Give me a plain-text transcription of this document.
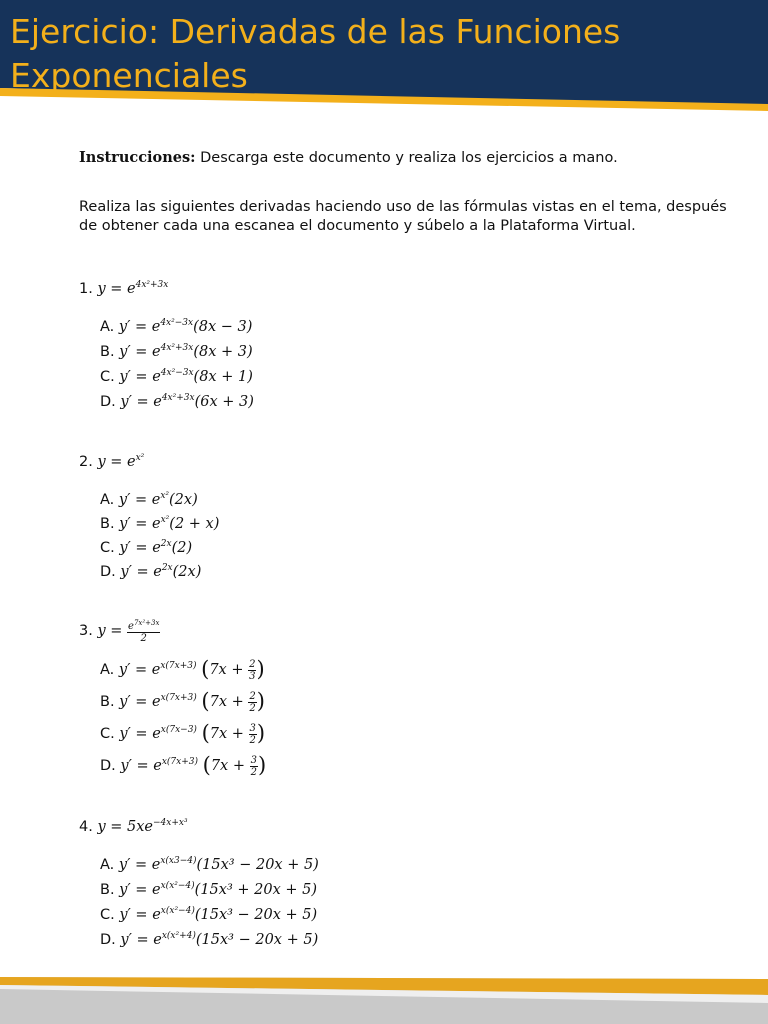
Ejercicio: Derivadas de las Funciones Exponenciales

Instrucciones: Descarga este documento y realiza los ejercicios a mano.

Realiza las siguientes derivadas haciendo uso de las fórmulas vistas en el tema, después de obtener cada una escanea el documento y súbelo a la Plataforma Virtual.

1. $y = e^{4x^2+3x}$
A. $y' = e^{4x^2-3x}(8x - 3)$
B. $y' = e^{4x^2+3x}(8x + 3)$
C. $y' = e^{4x^2-3x}(8x + 1)$
D. $y' = e^{4x^2+3x}(6x + 3)$
2. $y = e^{x^2}$
A. $y' = e^{x^2}(2x)$
B. $y' = e^{x^2}(2 + x)$
C. $y' = e^{2x}(2)$
D. $y' = e^{2x}(2x)$
3. $y = \frac{e^{7x^2+3x}}{2}$
A. $y' = e^{x(7x+3)}$ ($7x + \frac{2}{3}$ )
B. $y' = e^{x(7x+3)}$ ($7x + \frac{2}{2}$ )
C. $y' = e^{x(7x-3)}$ ($7x + \frac{3}{2}$ )
D. $y' = e^{x(7x+3)}$ ($7x + \frac{3}{2}$ )
4. $y = 5xe^{-4x+x^3}$
A. $y' = e^{x(x3-4)}(15x^3 - 20x + 5)$
B. $y' = e^{x(x^2-4)}(15x^3 + 20x + 5)$
C. $y' = e^{x(x^2-4)}(15x^3 - 20x + 5)$
D. $y' = e^{x(x^2+4)}(15x^3 - 20x + 5)$
